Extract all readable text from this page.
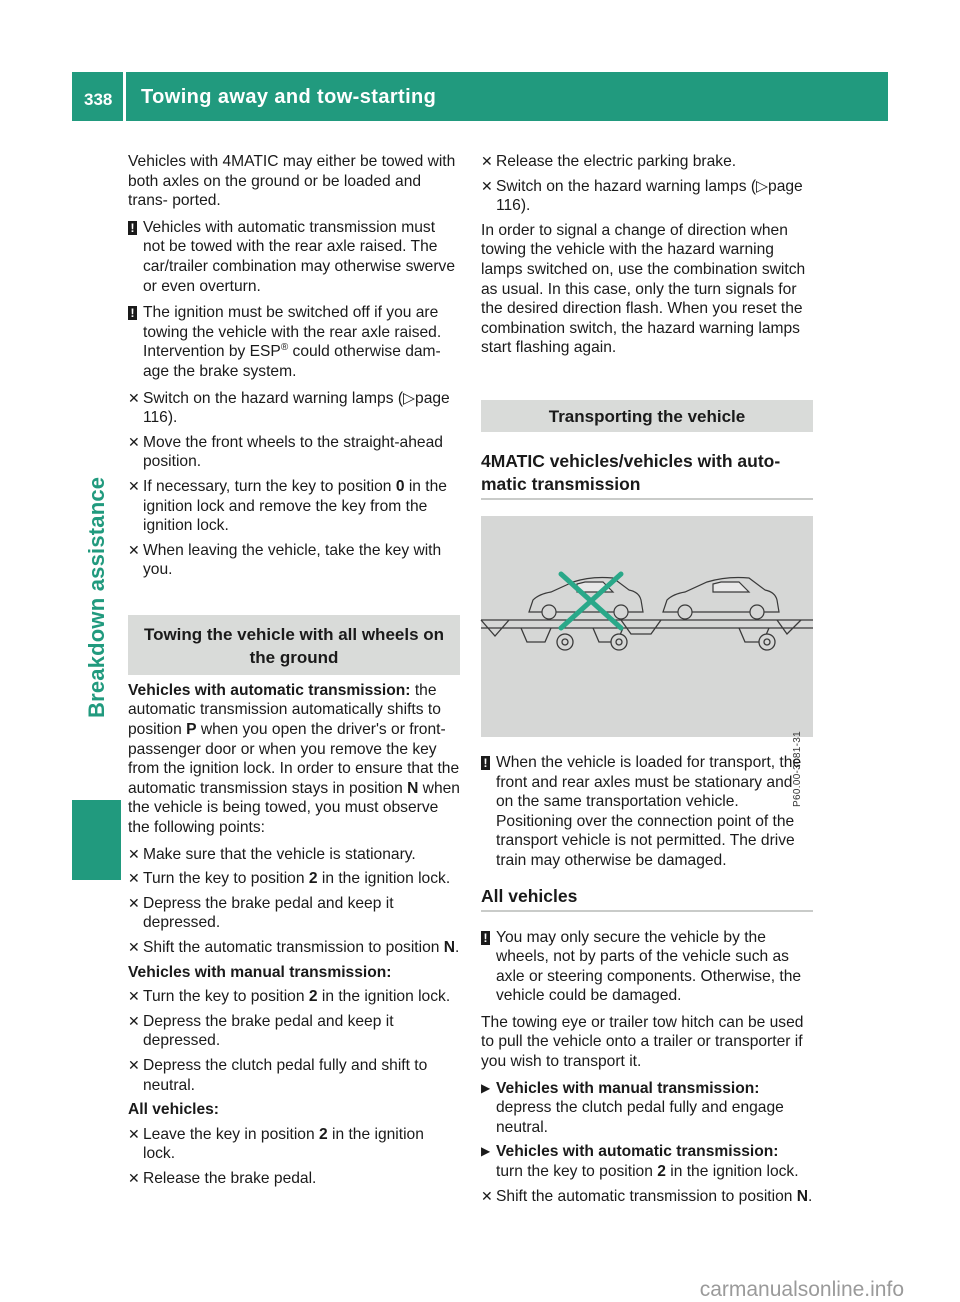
338 Towing away and tow-starting
Breakdown assistance

Vehicles with 4MATIC may either be towed with both axles on the ground or be loaded and trans- ported.

! Vehicles with automatic transmission must not be towed with the rear axle raised. The car/trailer combination may otherwise swerve or even overturn.
! The ignition must be switched off if you are towing the vehicle with the rear axle raised. Intervention by ESP® could otherwise dam- age the brake system.
✕ Switch on the hazard warning lamps (▷page 116).
✕ Move the front wheels to the straight-ahead position.
✕ If necessary, turn the key to position 0 in the ignition lock and remove the key from the ignition lock.
✕ When leaving the vehicle, take the key with you.
Towing the vehicle with all wheels on the ground

Vehicles with automatic transmission: the automatic transmission automatically shifts to position P when you open the driver's or front- passenger door or when you remove the key from the ignition lock. In order to ensure that the automatic transmission stays in position N when the vehicle is being towed, you must observe the following points:

✕ Make sure that the vehicle is stationary.
✕ Turn the key to position 2 in the ignition lock.
✕ Depress the brake pedal and keep it depressed.
✕ Shift the automatic transmission to position N.
Vehicles with manual transmission:
✕ Turn the key to position 2 in the ignition lock.
✕ Depress the brake pedal and keep it depressed.
✕ Depress the clutch pedal fully and shift to neutral.
All vehicles:
✕ Leave the key in position 2 in the ignition lock.
✕ Release the brake pedal.
✕ Release the electric parking brake.
✕ Switch on the hazard warning lamps (▷page 116).

In order to signal a change of direction when towing the vehicle with the hazard warning lamps switched on, use the combination switch as usual. In this case, only the turn signals for the desired direction flash. When you reset the combination switch, the hazard warning lamps start flashing again.

Transporting the vehicle
4MATIC vehicles/vehicles with auto- matic transmission
P60.00-3081-31
! When the vehicle is loaded for transport, the front and rear axles must be stationary and on the same transportation vehicle. Positioning over the connection point of the transport vehicle is not permitted. The drive train may otherwise be damaged.
All vehicles
! You may only secure the vehicle by the wheels, not by parts of the vehicle such as axle or steering components. Otherwise, the vehicle could be damaged.

The towing eye or trailer tow hitch can be used to pull the vehicle onto a trailer or transporter if you wish to transport it.

▶ Vehicles with manual transmission:
depress the clutch pedal fully and engage neutral.
▶ Vehicles with automatic transmission:
turn the key to position 2 in the ignition lock.
✕ Shift the automatic transmission to position N.
carmanualsonline.info
